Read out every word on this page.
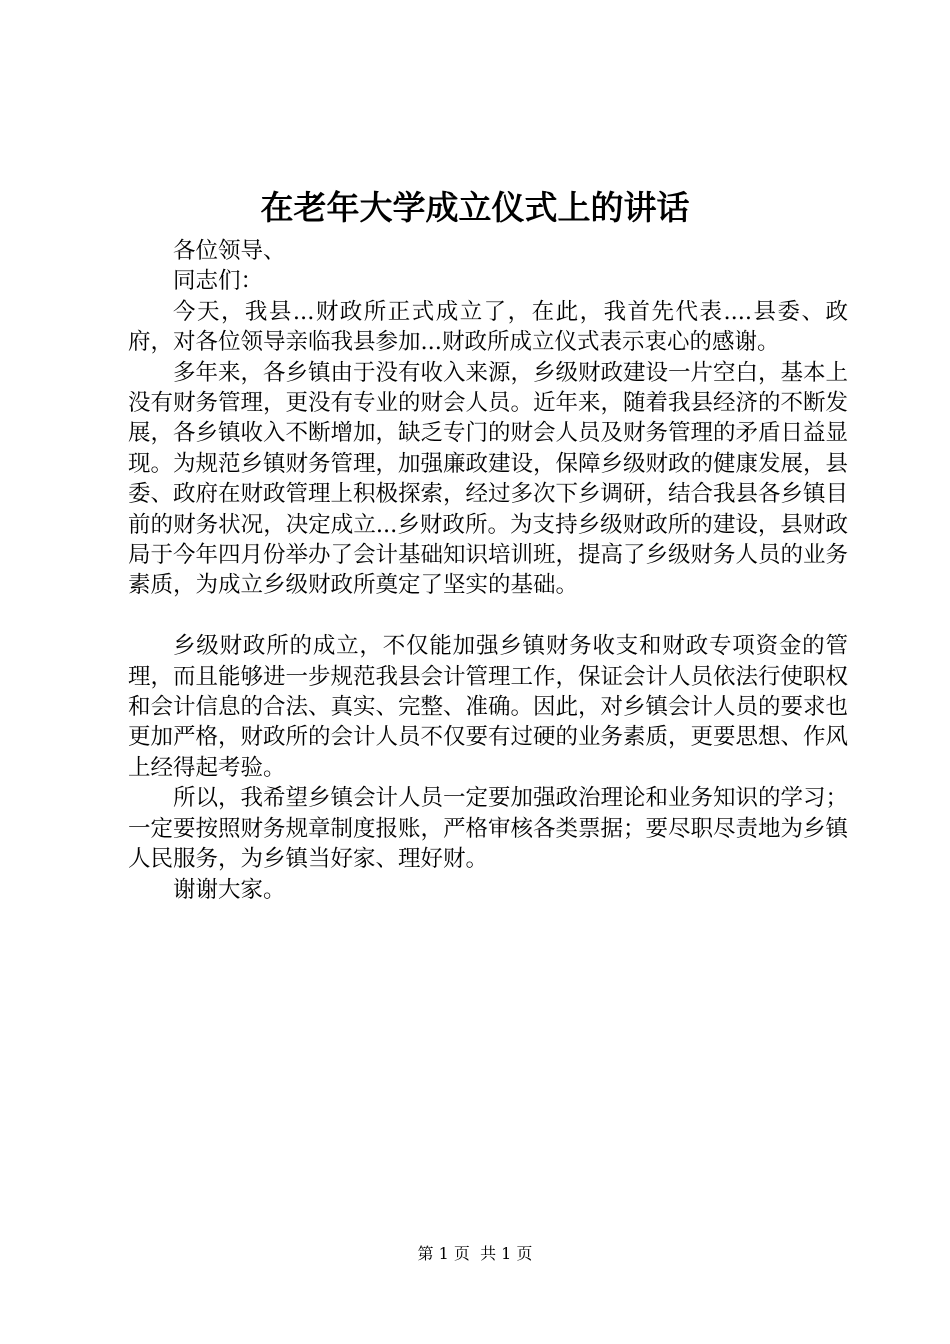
在老年大学成立仪式上的讲话

各位领导、

同志们：

今天，我县...财政所正式成立了，在此，我首先代表....县委、政府，对各位领导亲临我县参加...财政所成立仪式表示衷心的感谢。

多年来，各乡镇由于没有收入来源，乡级财政建设一片空白，基本上没有财务管理，更没有专业的财会人员。近年来，随着我县经济的不断发展，各乡镇收入不断增加，缺乏专门的财会人员及财务管理的矛盾日益显现。为规范乡镇财务管理，加强廉政建设，保障乡级财政的健康发展，县委、政府在财政管理上积极探索，经过多次下乡调研，结合我县各乡镇目前的财务状况，决定成立...乡财政所。为支持乡级财政所的建设，县财政局于今年四月份举办了会计基础知识培训班，提高了乡级财务人员的业务素质，为成立乡级财政所奠定了坚实的基础。

乡级财政所的成立，不仅能加强乡镇财务收支和财政专项资金的管理，而且能够进一步规范我县会计管理工作，保证会计人员依法行使职权和会计信息的合法、真实、完整、准确。因此，对乡镇会计人员的要求也更加严格，财政所的会计人员不仅要有过硬的业务素质，更要思想、作风上经得起考验。

所以，我希望乡镇会计人员一定要加强政治理论和业务知识的学习；一定要按照财务规章制度报账，严格审核各类票据；要尽职尽责地为乡镇人民服务，为乡镇当好家、理好财。

谢谢大家。

第 1 页  共 1 页
